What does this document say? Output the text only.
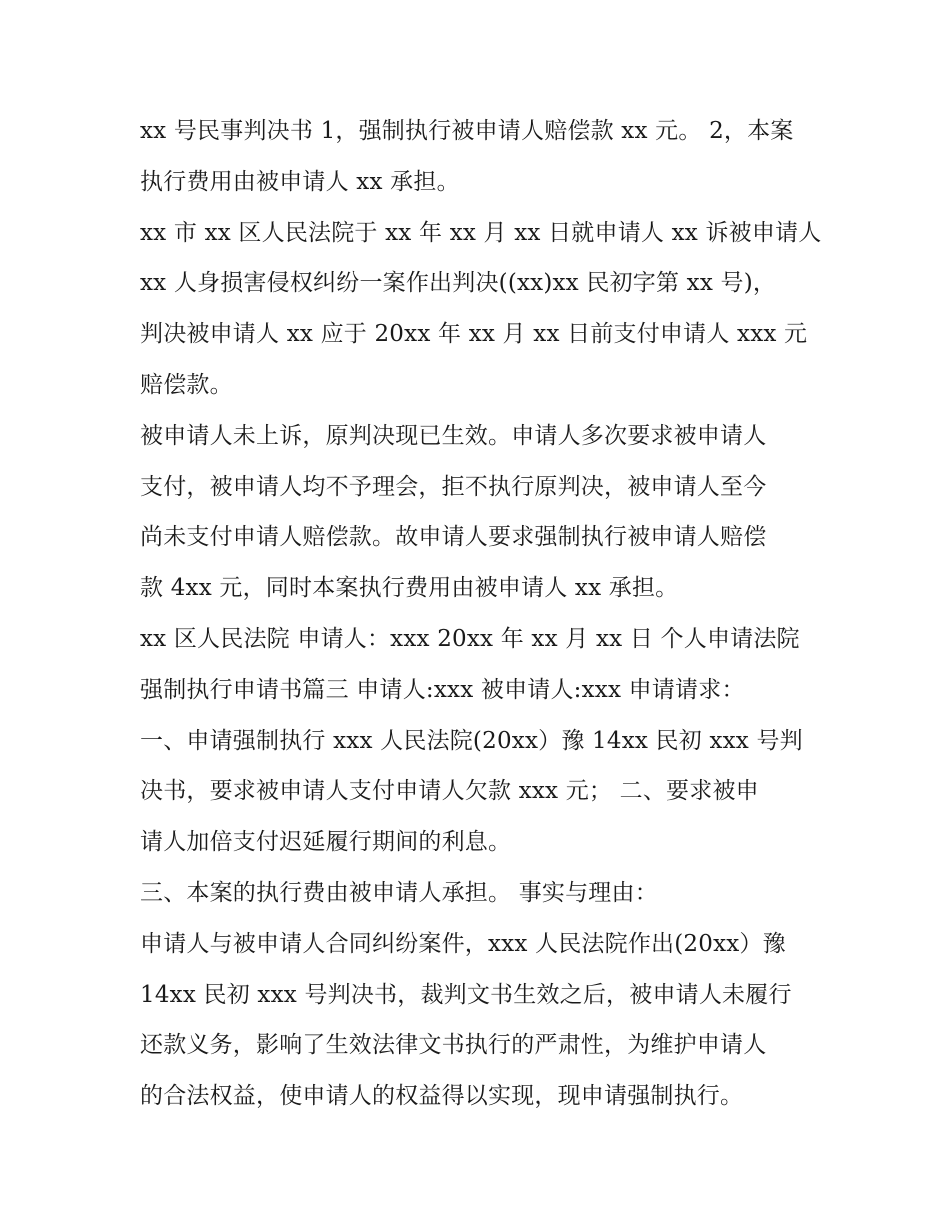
xx 号民事判决书 1，强制执行被申请人赔偿款 xx 元。 2，本案
执行费用由被申请人 xx 承担。
xx 市 xx 区人民法院于 xx 年 xx 月 xx 日就申请人 xx 诉被申请人
xx 人身损害侵权纠纷一案作出判决((xx)xx 民初字第 xx 号)，
判决被申请人 xx 应于 20xx 年 xx 月 xx 日前支付申请人 xxx 元
赔偿款。
被申请人未上诉，原判决现已生效。申请人多次要求被申请人
支付，被申请人均不予理会，拒不执行原判决，被申请人至今
尚未支付申请人赔偿款。故申请人要求强制执行被申请人赔偿
款 4xx 元，同时本案执行费用由被申请人 xx 承担。
xx 区人民法院 申请人：xxx 20xx 年 xx 月 xx 日 个人申请法院
强制执行申请书篇三 申请人:xxx 被申请人:xxx 申请请求：
一、申请强制执行 xxx 人民法院(20xx）豫 14xx 民初 xxx 号判
决书，要求被申请人支付申请人欠款 xxx 元； 二、要求被申
请人加倍支付迟延履行期间的利息。
三、本案的执行费由被申请人承担。 事实与理由：
申请人与被申请人合同纠纷案件，xxx 人民法院作出(20xx）豫
14xx 民初 xxx 号判决书，裁判文书生效之后，被申请人未履行
还款义务，影响了生效法律文书执行的严肃性，为维护申请人
的合法权益，使申请人的权益得以实现，现申请强制执行。
